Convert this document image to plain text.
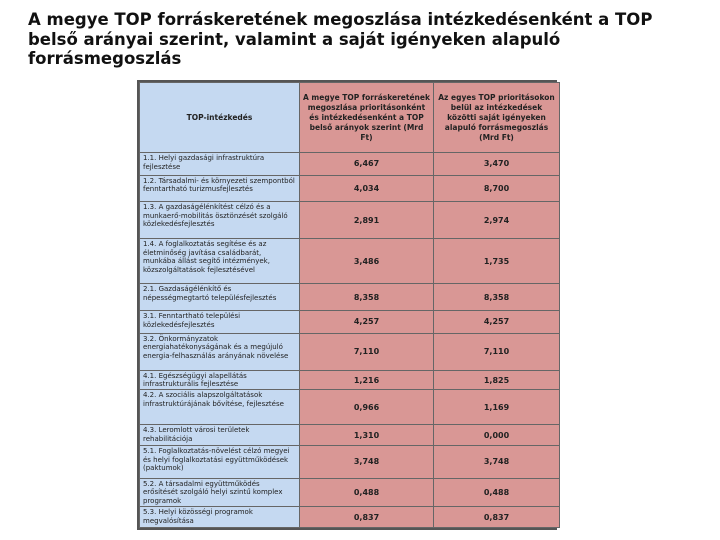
A megye TOP forráskeretének megoszlása intézkedésenként a TOP belső arányai szerint, valamint a saját igényeken alapuló forrásmegoszlás
TOP-intézkedés	A megye TOP forráskeretének megoszlása prioritásonként és intézkedésenként a TOP belső arányok szerint (Mrd Ft)	Az egyes TOP prioritásokon belül az intézkedések közötti saját igényeken alapuló forrásmegoszlás (Mrd Ft)
1.1. Helyi gazdasági infrastruktúra fejlesztése	6,467	3,470
1.2. Társadalmi- és környezeti szempontból fenntartható turizmusfejlesztés	4,034	8,700
1.3. A gazdaságélénkítést célzó és a munkaerő-mobilitás ösztönzését szolgáló közlekedésfejlesztés	2,891	2,974
1.4. A foglalkoztatás segítése és az életminőség javítása családbarát, munkába állást segítő intézmények, közszolgáltatások fejlesztésével	3,486	1,735
2.1. Gazdaságélénkítő és népességmegtartó településfejlesztés	8,358	8,358
3.1. Fenntartható települési közlekedésfejlesztés	4,257	4,257
3.2. Önkormányzatok energiahatékonyságának és a megújuló energia-felhasználás arányának növelése	7,110	7,110
4.1. Egészségügyi alapellátás infrastrukturális fejlesztése	1,216	1,825
4.2. A szociális alapszolgáltatások infrastruktúrájának bővítése, fejlesztése	0,966	1,169
4.3. Leromlott városi területek rehabilitációja	1,310	0,000
5.1. Foglalkoztatás-növelést célzó megyei és helyi foglalkoztatási együttműködések (paktumok)	3,748	3,748
5.2. A társadalmi együttműködés erősítését szolgáló helyi szintű komplex programok	0,488	0,488
5.3. Helyi közösségi programok megvalósítása	0,837	0,837
